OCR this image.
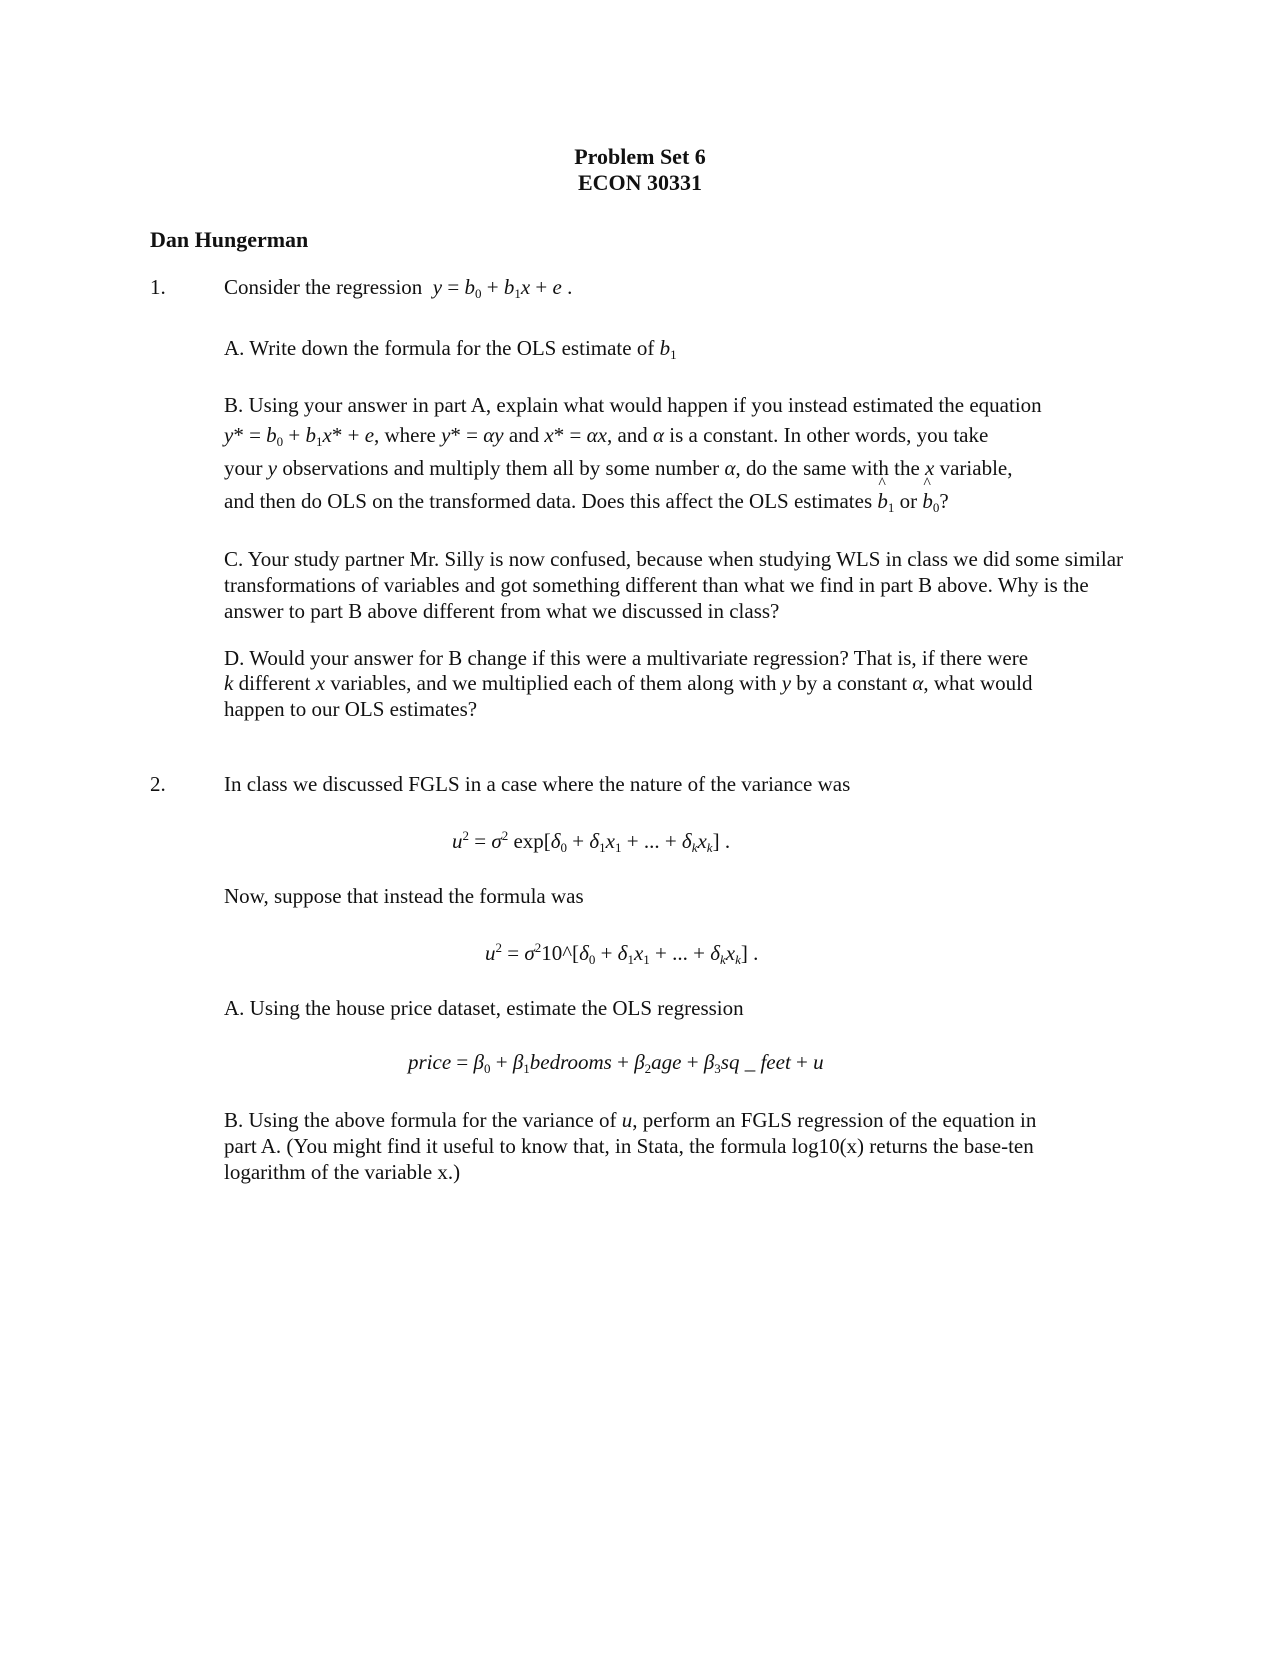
Problem Set 6
ECON 30331
Dan Hungerman
1.	Consider the regression $y = b_0 + b_1x + e$ .
A. Write down the formula for the OLS estimate of $b_1$
B. Using your answer in part A, explain what would happen if you instead estimated the equation
$y* = b_0 + b_1x* + e$, where y* = αy and x* = αx, and α is a constant. In other words, you take
your y observations and multiply them all by some number α, do the same with the x variable,
and then do OLS on the transformed data. Does this affect the OLS estimates ^ $b_1$ or ^ $b_0$?
C. Your study partner Mr. Silly is now confused, because when studying WLS in class we did some similar transformations of variables and got something different than what we find in part B above. Why is the answer to part B above different from what we discussed in class?
D. Would your answer for B change if this were a multivariate regression? That is, if there were
k different x variables, and we multiplied each of them along with y by a constant α, what would
happen to our OLS estimates?
2.	In class we discussed FGLS in a case where the nature of the variance was
$u^2 = \sigma^2$ $\exp[\delta_0 + \delta_1x_1$ + ... + $\delta_kx_k$] .
Now, suppose that instead the formula was
$u^2$ = $\sigma^210\^{}[\delta_0 + \delta_1x_1$ + ... + $\delta_kx_k$] .
A. Using the house price dataset, estimate the OLS regression
price = $\beta_0$ + $\beta_1bedrooms + \beta_2age + \beta_3sq$ _ feet + u
B. Using the above formula for the variance of u, perform an FGLS regression of the equation in
part A. (You might find it useful to know that, in Stata, the formula log10(x) returns the base-ten
logarithm of the variable x.)
